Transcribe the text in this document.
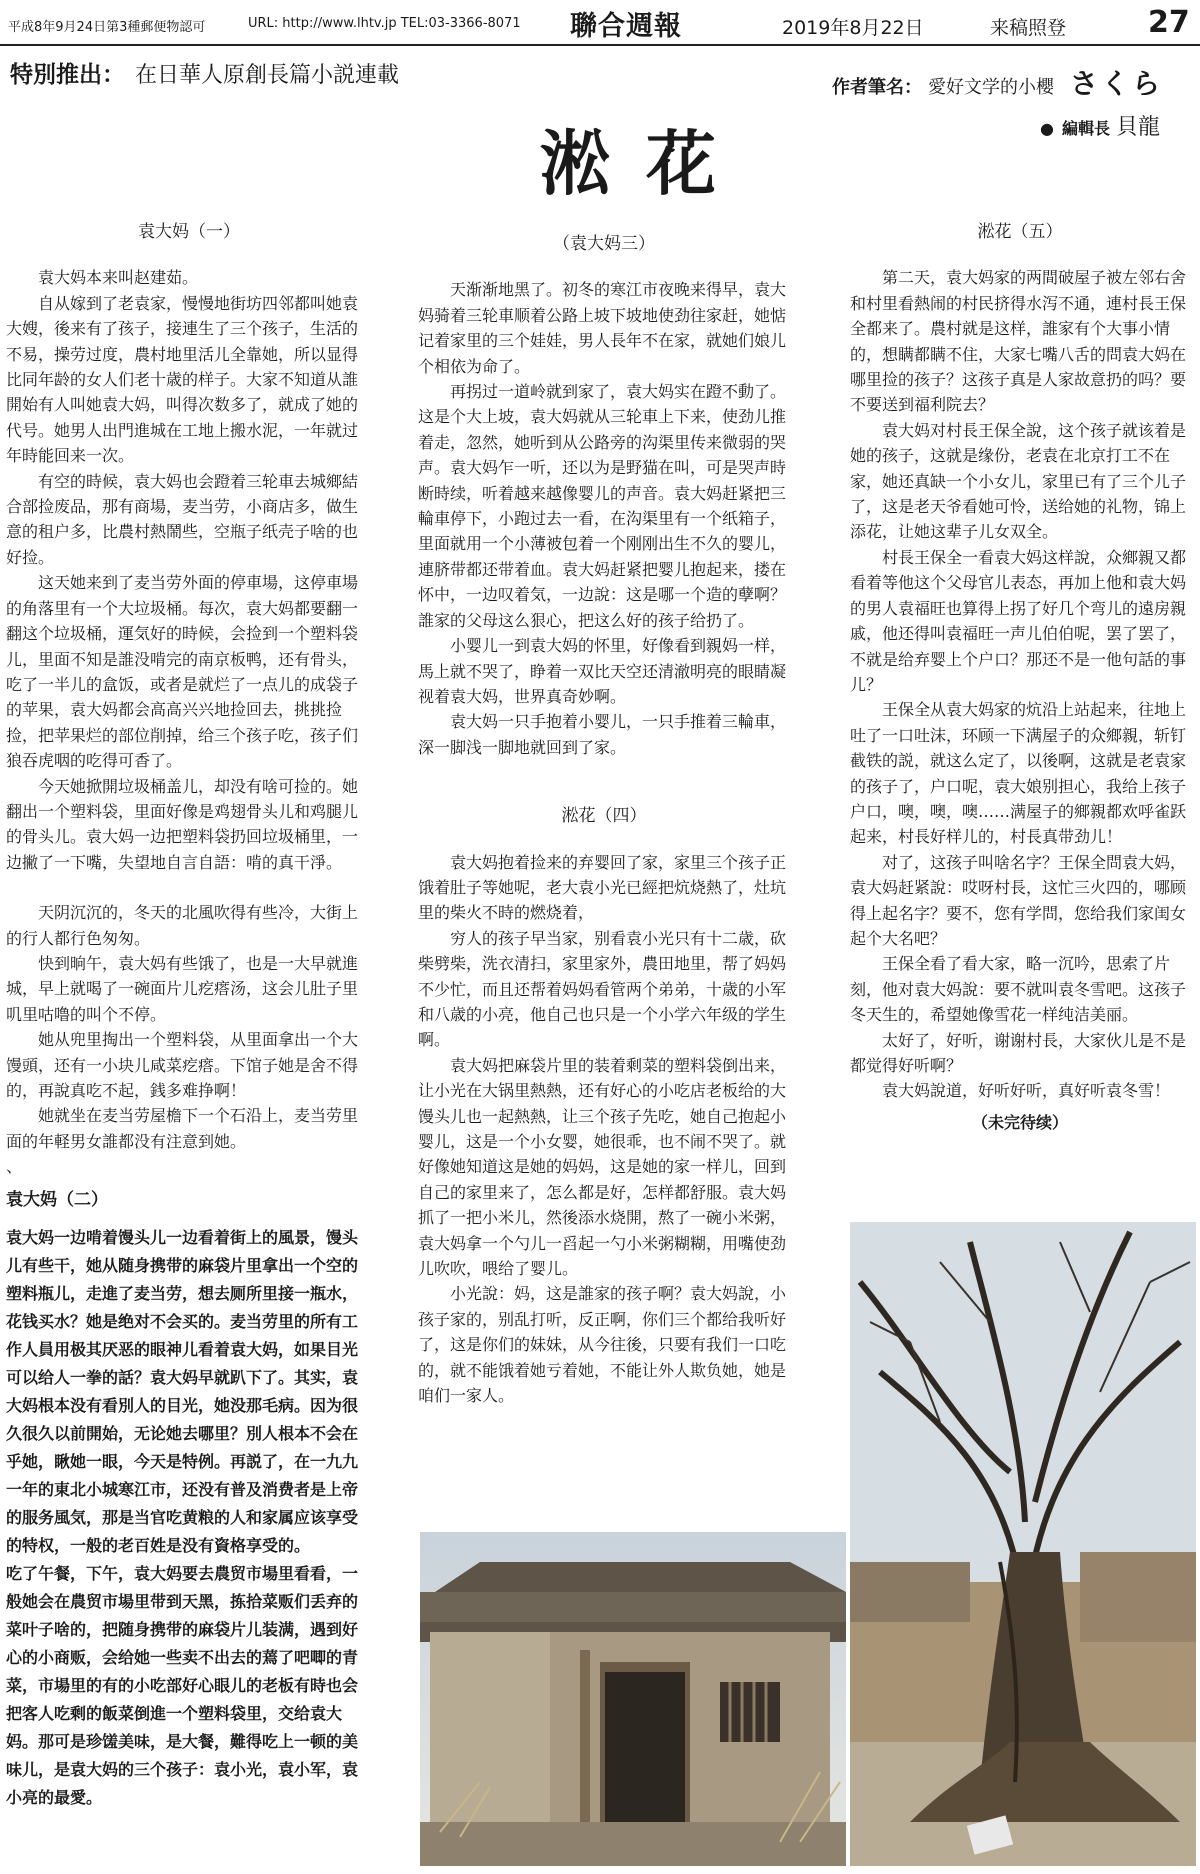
平成8年9月24日第3種郵便物認可	URL: http://www.lhtv.jp TEL:03-3366-8071 聯合週報	2019年8月22日	来稿照登	27
特別推出： 在日華人原創長篇小説連載	作者筆名： 愛好文学的小櫻 さくら
● 編輯長 貝龍
淞花
袁大妈（一）

袁大妈本来叫赵建茹。

自从嫁到了老袁家，慢慢地街坊四邻都叫她袁大嫂，後来有了孩子，接連生了三个孩子，生活的不易，操劳过度，農村地里活儿全靠她，所以显得比同年龄的女人们老十歳的样子。大家不知道从誰開始有人叫她袁大妈，叫得次数多了，就成了她的代号。她男人出門進城在工地上搬水泥，一年就过年時能回来一次。

有空的時候，袁大妈也会蹬着三轮車去城鄉結合部捡废品，那有商場，麦当劳，小商店多，做生意的租户多，比農村熱鬧些，空瓶子纸壳子啥的也好捡。

这天她来到了麦当劳外面的停車場，这停車場的角落里有一个大垃圾桶。每次，袁大妈都要翻一翻这个垃圾桶，運気好的時候，会捡到一个塑料袋儿，里面不知是誰没啃完的南京板鸭，还有骨头，吃了一半儿的盒饭，或者是就烂了一点儿的成袋子的苹果，袁大妈都会高高兴兴地捡回去，挑挑捡捡，把苹果烂的部位削掉，给三个孩子吃，孩子们狼吞虎咽的吃得可香了。

今天她掀開垃圾桶盖儿，却没有啥可捡的。她翻出一个塑料袋，里面好像是鸡翅骨头儿和鸡腿儿的骨头儿。袁大妈一边把塑料袋扔回垃圾桶里，一边撇了一下嘴，失望地自言自語：啃的真干淨。

天阴沉沉的，冬天的北風吹得有些冷，大街上的行人都行色匆匆。

快到晌午，袁大妈有些饿了，也是一大早就進城，早上就喝了一碗面片儿疙瘩汤，这会儿肚子里叽里咕噜的叫个不停。

她从兜里掏出一个塑料袋，从里面拿出一个大馒頭，还有一小块儿咸菜疙瘩。下馆子她是舍不得的，再說真吃不起，銭多难挣啊！

她就坐在麦当劳屋檐下一个石沿上，麦当劳里面的年軽男女誰都没有注意到她。

、
袁大妈（二）

袁大妈一边啃着馒头儿一边看着街上的風景，馒头儿有些干，她从随身携带的麻袋片里拿出一个空的塑料瓶儿，走進了麦当劳，想去厕所里接一瓶水，花钱买水？她是绝对不会买的。麦当劳里的所有工作人員用极其厌恶的眼神儿看着袁大妈，如果目光可以给人一拳的話？袁大妈早就趴下了。其实，袁大妈根本没有看別人的目光，她没那毛病。因为很久很久以前開始，无论她去哪里？別人根本不会在乎她，瞅她一眼，今天是特例。再説了，在一九九一年的東北小城寒江市，还没有普及消费者是上帝的服务風気，那是当官吃黄粮的人和家属应该享受的特权，一般的老百姓是没有資格享受的。

吃了午餐，下午，袁大妈要去農贸市場里看看，一般她会在農贸市場里带到天黑，拣拾菜贩们丢弃的菜叶子啥的，把随身携带的麻袋片儿装满，遇到好心的小商贩，会给她一些卖不出去的蔫了吧唧的青菜，市場里的有的小吃部好心眼儿的老板有時也会把客人吃剩的飯菜倒進一个塑料袋里，交给袁大妈。那可是珍馐美味，是大餐，難得吃上一顿的美味儿，是袁大妈的三个孩子：袁小光，袁小军，袁小亮的最愛。

（袁大妈三）

天渐渐地黑了。初冬的寒江市夜晚来得早，袁大妈骑着三轮車顺着公路上坡下坡地使劲往家赶，她惦记着家里的三个娃娃，男人長年不在家，就她们娘儿个相依为命了。

再拐过一道岭就到家了，袁大妈实在蹬不動了。这是个大上坡，袁大妈就从三轮車上下来，使劲儿推着走，忽然，她听到从公路旁的沟渠里传来微弱的哭声。袁大妈乍一听，还以为是野猫在叫，可是哭声時断時续，听着越来越像婴儿的声音。袁大妈赶紧把三輪車停下，小跑过去一看，在沟渠里有一个纸箱子，里面就用一个小薄被包着一个刚刚出生不久的婴儿，連脐带都还带着血。袁大妈赶紧把婴儿抱起来，搂在怀中，一边叹着気，一边說：这是哪一个造的孽啊？誰家的父母这么狠心，把这么好的孩子给扔了。

小婴儿一到袁大妈的怀里，好像看到親妈一样，馬上就不哭了，睁着一双比天空还清澈明亮的眼睛凝视着袁大妈，世界真奇妙啊。

袁大妈一只手抱着小婴儿，一只手推着三輪車，深一脚浅一脚地就回到了家。

淞花（四）

袁大妈抱着捡来的弃婴回了家，家里三个孩子正饿着肚子等她呢，老大袁小光已經把炕烧熱了，灶坑里的柴火不時的燃烧着，

穷人的孩子早当家，别看袁小光只有十二歳，砍柴劈柴，洗衣清扫，家里家外，農田地里，帮了妈妈不少忙，而且还帮着妈妈看管两个弟弟，十歳的小军和八歳的小亮，他自己也只是一个小学六年级的学生啊。

袁大妈把麻袋片里的装着剩菜的塑料袋倒出来，让小光在大锅里熱熱，还有好心的小吃店老板给的大馒头儿也一起熱熱，让三个孩子先吃，她自己抱起小婴儿，这是一个小女婴，她很乖，也不闹不哭了。就好像她知道这是她的妈妈，这是她的家一样儿，回到自己的家里来了，怎么都是好，怎样都舒服。袁大妈抓了一把小米儿，然後添水烧開，熬了一碗小米粥，袁大妈拿一个勺儿一舀起一勺小米粥糊糊，用嘴使劲儿吹吹，喂给了婴儿。

小光說：妈，这是誰家的孩子啊？袁大妈說，小孩子家的，别乱打听，反正啊，你们三个都给我听好了，这是你们的妹妹，从今往後，只要有我们一口吃的，就不能饿着她亏着她，不能让外人欺负她，她是咱们一家人。

淞花（五）

第二天，袁大妈家的两間破屋子被左邻右舍和村里看熱闹的村民挤得水泻不通，連村長王保全都来了。農村就是这样，誰家有个大事小情的，想瞒都瞒不住，大家七嘴八舌的問袁大妈在哪里捡的孩子？这孩子真是人家故意扔的吗？要不要送到福利院去？

袁大妈对村長王保全說，这个孩子就该着是她的孩子，这就是缘份，老袁在北京打工不在家，她还真缺一个小女儿，家里已有了三个儿子了，这是老天爷看她可怜，送给她的礼物，锦上添花，让她这辈子儿女双全。

村長王保全一看袁大妈这样說，众鄉親又都看着等他这个父母官儿表态，再加上他和袁大妈的男人袁福旺也算得上拐了好几个弯儿的遠房親戚，他还得叫袁福旺一声儿伯伯呢，罢了罢了，不就是给弃婴上个户口？那还不是一他句話的事儿？

王保全从袁大妈家的炕沿上站起来，往地上吐了一口吐沫，环顾一下满屋子的众鄉親，斩钉截铁的説，就这么定了，以後啊，这就是老袁家的孩子了，户口呢，袁大娘别担心，我给上孩子户口，噢，噢，噢……满屋子的鄉親都欢呼雀跃起来，村長好样儿的，村長真带劲儿！

对了，这孩子叫啥名字？王保全問袁大妈，袁大妈赶紧說：哎呀村長，这忙三火四的，哪顾得上起名字？要不，您有学問，您给我们家闺女起个大名吧？

王保全看了看大家，略一沉吟，思索了片刻，他对袁大妈說：要不就叫袁冬雪吧。这孩子冬天生的，希望她像雪花一样纯洁美丽。

太好了，好听，谢谢村長，大家伙儿是不是都觉得好听啊？

袁大妈說道，好听好听，真好听袁冬雪！

（未完待续）
